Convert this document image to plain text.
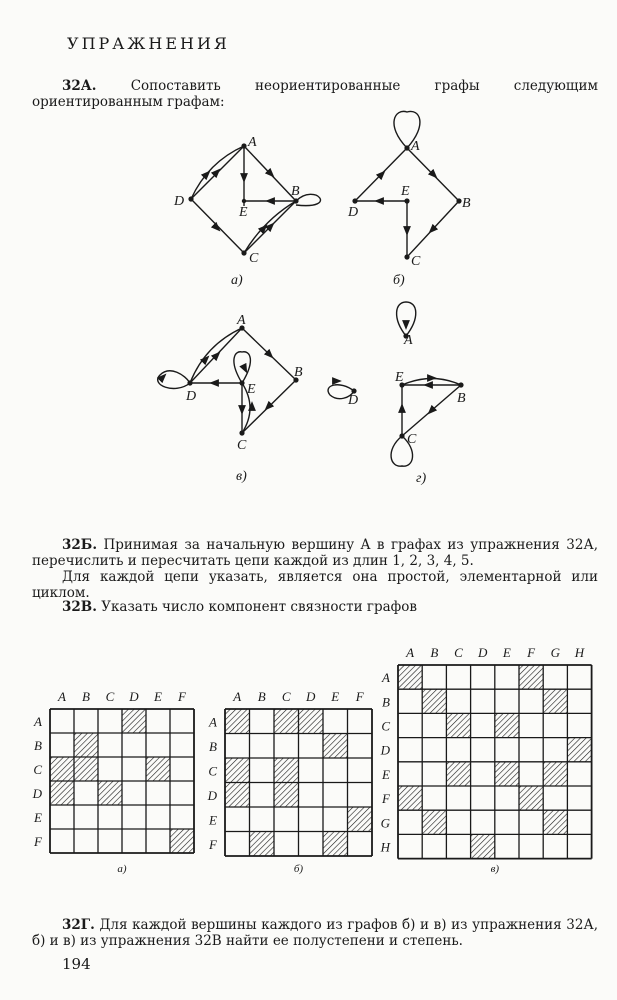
УПРАЖНЕНИЯ
32А.	Сопоставить неориентированные графы следующим ориентированным графам:
A
B
C
D
E
а)
A
B
C
D
E
б)
A
B
C
D	E
в)
A
B
C
D
E
г)
32Б. Принимая за начальную вершину A в графах из упражнения 32А, перечислить и пересчитать цепи каждой из длин 1, 2, 3, 4, 5.
Для каждой цепи указать, является она простой, элементарной или циклом.
32В. Указать число компонент связности графов
A
A
B
B
C
C
D
D
E
E
F
F
а)
A
A
B
B
C
C
D
D
E
E
F
F
б)
A
A
B
B
C
C
D
D
E
E
F
F
G
G
H
H
в)
32Г. Для каждой вершины каждого из графов б) и в) из упражнения 32А, б) и в) из упражнения 32В найти ее полустепени и степень.
194
